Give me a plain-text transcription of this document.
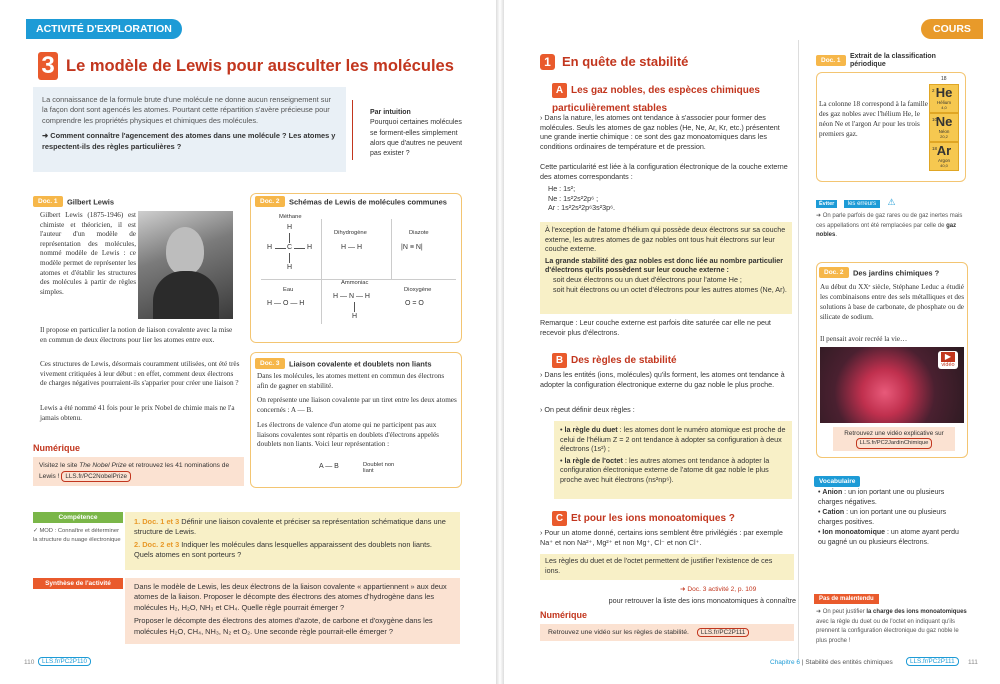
ACTIVITÉ D'EXPLORATION
3 Le modèle de Lewis pour ausculter les molécules

La connaissance de la formule brute d'une molécule ne donne aucun renseignement sur la façon dont sont agencés les atomes. Pourtant cette répartition s'avère précieuse pour comprendre les propriétés physiques et chimiques des molécules.

➜ Comment connaître l'agencement des atomes dans une molécule ? Les atomes y respectent-ils des règles particulières ?

Par intuition
Pourquoi certaines molécules se forment-elles simplement alors que d'autres ne peuvent pas exister ?
Doc. 1 Gilbert Lewis
Gilbert Lewis (1875-1946) est chimiste et théoricien, il est l'auteur d'un modèle de représentation des molécules, nommé modèle de Lewis : ce modèle permet de représenter les atomes et d'établir les structures des molécules à partir de règles simples.
Il propose en particulier la notion de liaison covalente avec la mise en commun de deux électrons pour lier les atomes entre eux.
Ces structures de Lewis, désormais couramment utilisées, ont été très vivement critiquées à leur début : en effet, comment deux électrons de charges négatives pourraient-ils s'apparier pour créer une liaison ?
Lewis a été nommé 41 fois pour le prix Nobel de chimie mais ne l'a jamais obtenu.
Numérique
Visitez le site The Nobel Prize et retrouvez les 41 nominations de Lewis ! LLS.fr/PC2NobelPrize
Doc. 2 Schémas de Lewis de molécules communes
Méthane
H
H C H
H
Dihydrogène
H — H
Diazote
|N ≡ N|
Eau
H — O — H
Ammoniac
H — N — H
H
Dioxygène
O = O
Doc. 3 Liaison covalente et doublets non liants
Dans les molécules, les atomes mettent en commun des électrons afin de gagner en stabilité.
On représente une liaison covalente par un tiret entre les deux atomes concernés : A — B.
Les électrons de valence d'un atome qui ne participent pas aux liaisons covalentes sont répartis en doublets d'électrons appelés doublets non liants. Voici leur représentation :
A — B	Doublet non liant
Compétence
✓ MOD : Connaître et déterminer la structure du nuage électronique
1. Doc. 1 et 3 Définir une liaison covalente et préciser sa représentation schématique dans une structure de Lewis.
2. Doc. 2 et 3 Indiquer les molécules dans lesquelles apparaissent des doublets non liants. Quels atomes en sont porteurs ?
Synthèse de l'activité	Dans le modèle de Lewis, les deux électrons de la liaison covalente « appartiennent » aux deux atomes de la liaison. Proposer le décompte des électrons des atomes d'hydrogène dans les molécules H₂, H₂O, NH₃ et CH₄. Quelle règle pourrait émerger ?

Proposer le décompte des électrons des atomes d'azote, de carbone et d'oxygène dans les molécules H₂O, CH₄, NH₃, N₂ et O₂. Une seconde règle pourrait-elle émerger ?

110	LLS.fr/PC2P110
COURS
1 En quête de stabilité
A Les gaz nobles, des espèces chimiques particulièrement stables
› Dans la nature, les atomes ont tendance à s'associer pour former des molécules. Seuls les atomes de gaz nobles (He, Ne, Ar, Kr, etc.) présentent une grande inertie chimique : ce sont des gaz monoatomiques dans les conditions ordinaires de température et de pression.
Cette particularité est liée à la configuration électronique de la couche externe des atomes correspondants :
He : 1s²;
Ne : 1s²2s²2p⁶ ;
Ar : 1s²2s²2p⁶3s²3p⁶.

À l'exception de l'atome d'hélium qui possède deux électrons sur sa couche externe, les autres atomes de gaz nobles ont tous huit électrons sur leur couche externe.

La grande stabilité des gaz nobles est donc liée au nombre particulier d'électrons qu'ils possèdent sur leur couche externe :

soit deux électrons ou un duet d'électrons pour l'atome He ;

soit huit électrons ou un octet d'électrons pour les autres atomes (Ne, Ar).

Remarque : Leur couche externe est parfois dite saturée car elle ne peut recevoir plus d'électrons.
B Des règles de stabilité
› Dans les entités (ions, molécules) qu'ils forment, les atomes ont tendance à adopter la configuration électronique externe du gaz noble le plus proche.
› On peut définir deux règles :

• la règle du duet : les atomes dont le numéro atomique est proche de celui de l'hélium Z = 2 ont tendance à adopter sa configuration à deux électrons (1s²) ;

• la règle de l'octet : les autres atomes ont tendance à adopter la configuration électronique externe de l'atome dit gaz noble le plus proche avec huit électrons (ns²np⁶).

C Et pour les ions monoatomiques ?
› Pour un atome donné, certains ions semblent être privilégiés : par exemple Na⁺ et non Na²⁺, Mg²⁺ et non Mg⁺, Cl⁻ et non Cl⁺.
Les règles du duet et de l'octet permettent de justifier l'existence de ces ions.
➜ Doc. 3 activité 2, p. 109
pour retrouver la liste des ions monoatomiques à connaître
Numérique
Retrouvez une vidéo sur les règles de stabilité. LLS.fr/PC2P111
Doc. 1 Extrait de la classification périodique
La colonne 18 correspond à la famille des gaz nobles avec l'hélium He, le néon Ne et l'argon Ar pour les trois premiers gaz.
18
2 He
Hélium
4,0
10
Ne
Néon
20,2
18 Ar
Argon
40,0
Éviter les erreurs ⚠
➜ On parle parfois de gaz rares ou de gaz inertes mais ces appellations ont été remplacées par celle de gaz nobles.
Doc. 2 Des jardins chimiques ?
Au début du XXᵉ siècle, Stéphane Leduc a étudié les combinaisons entre des sels métalliques et des solutions à base de carbonate, de phosphate ou de silicate de sodium.
Il pensait avoir recréé la vie…
▶
vidéo
Retrouvez une vidéo explicative sur LLS.fr/PC2JardinChimique
Vocabulaire
• Anion : un ion portant une ou plusieurs charges négatives.
• Cation : un ion portant une ou plusieurs charges positives.
• Ion monoatomique : un atome ayant perdu ou gagné un ou plusieurs électrons.
Pas de malentendu
➜ On peut justifier la charge des ions monoatomiques avec la règle du duet ou de l'octet en indiquant qu'ils prennent la configuration électronique du gaz noble le plus proche !
Chapitre 6 | Stabilité des entités chimiques	LLS.fr/PC2P111	111
